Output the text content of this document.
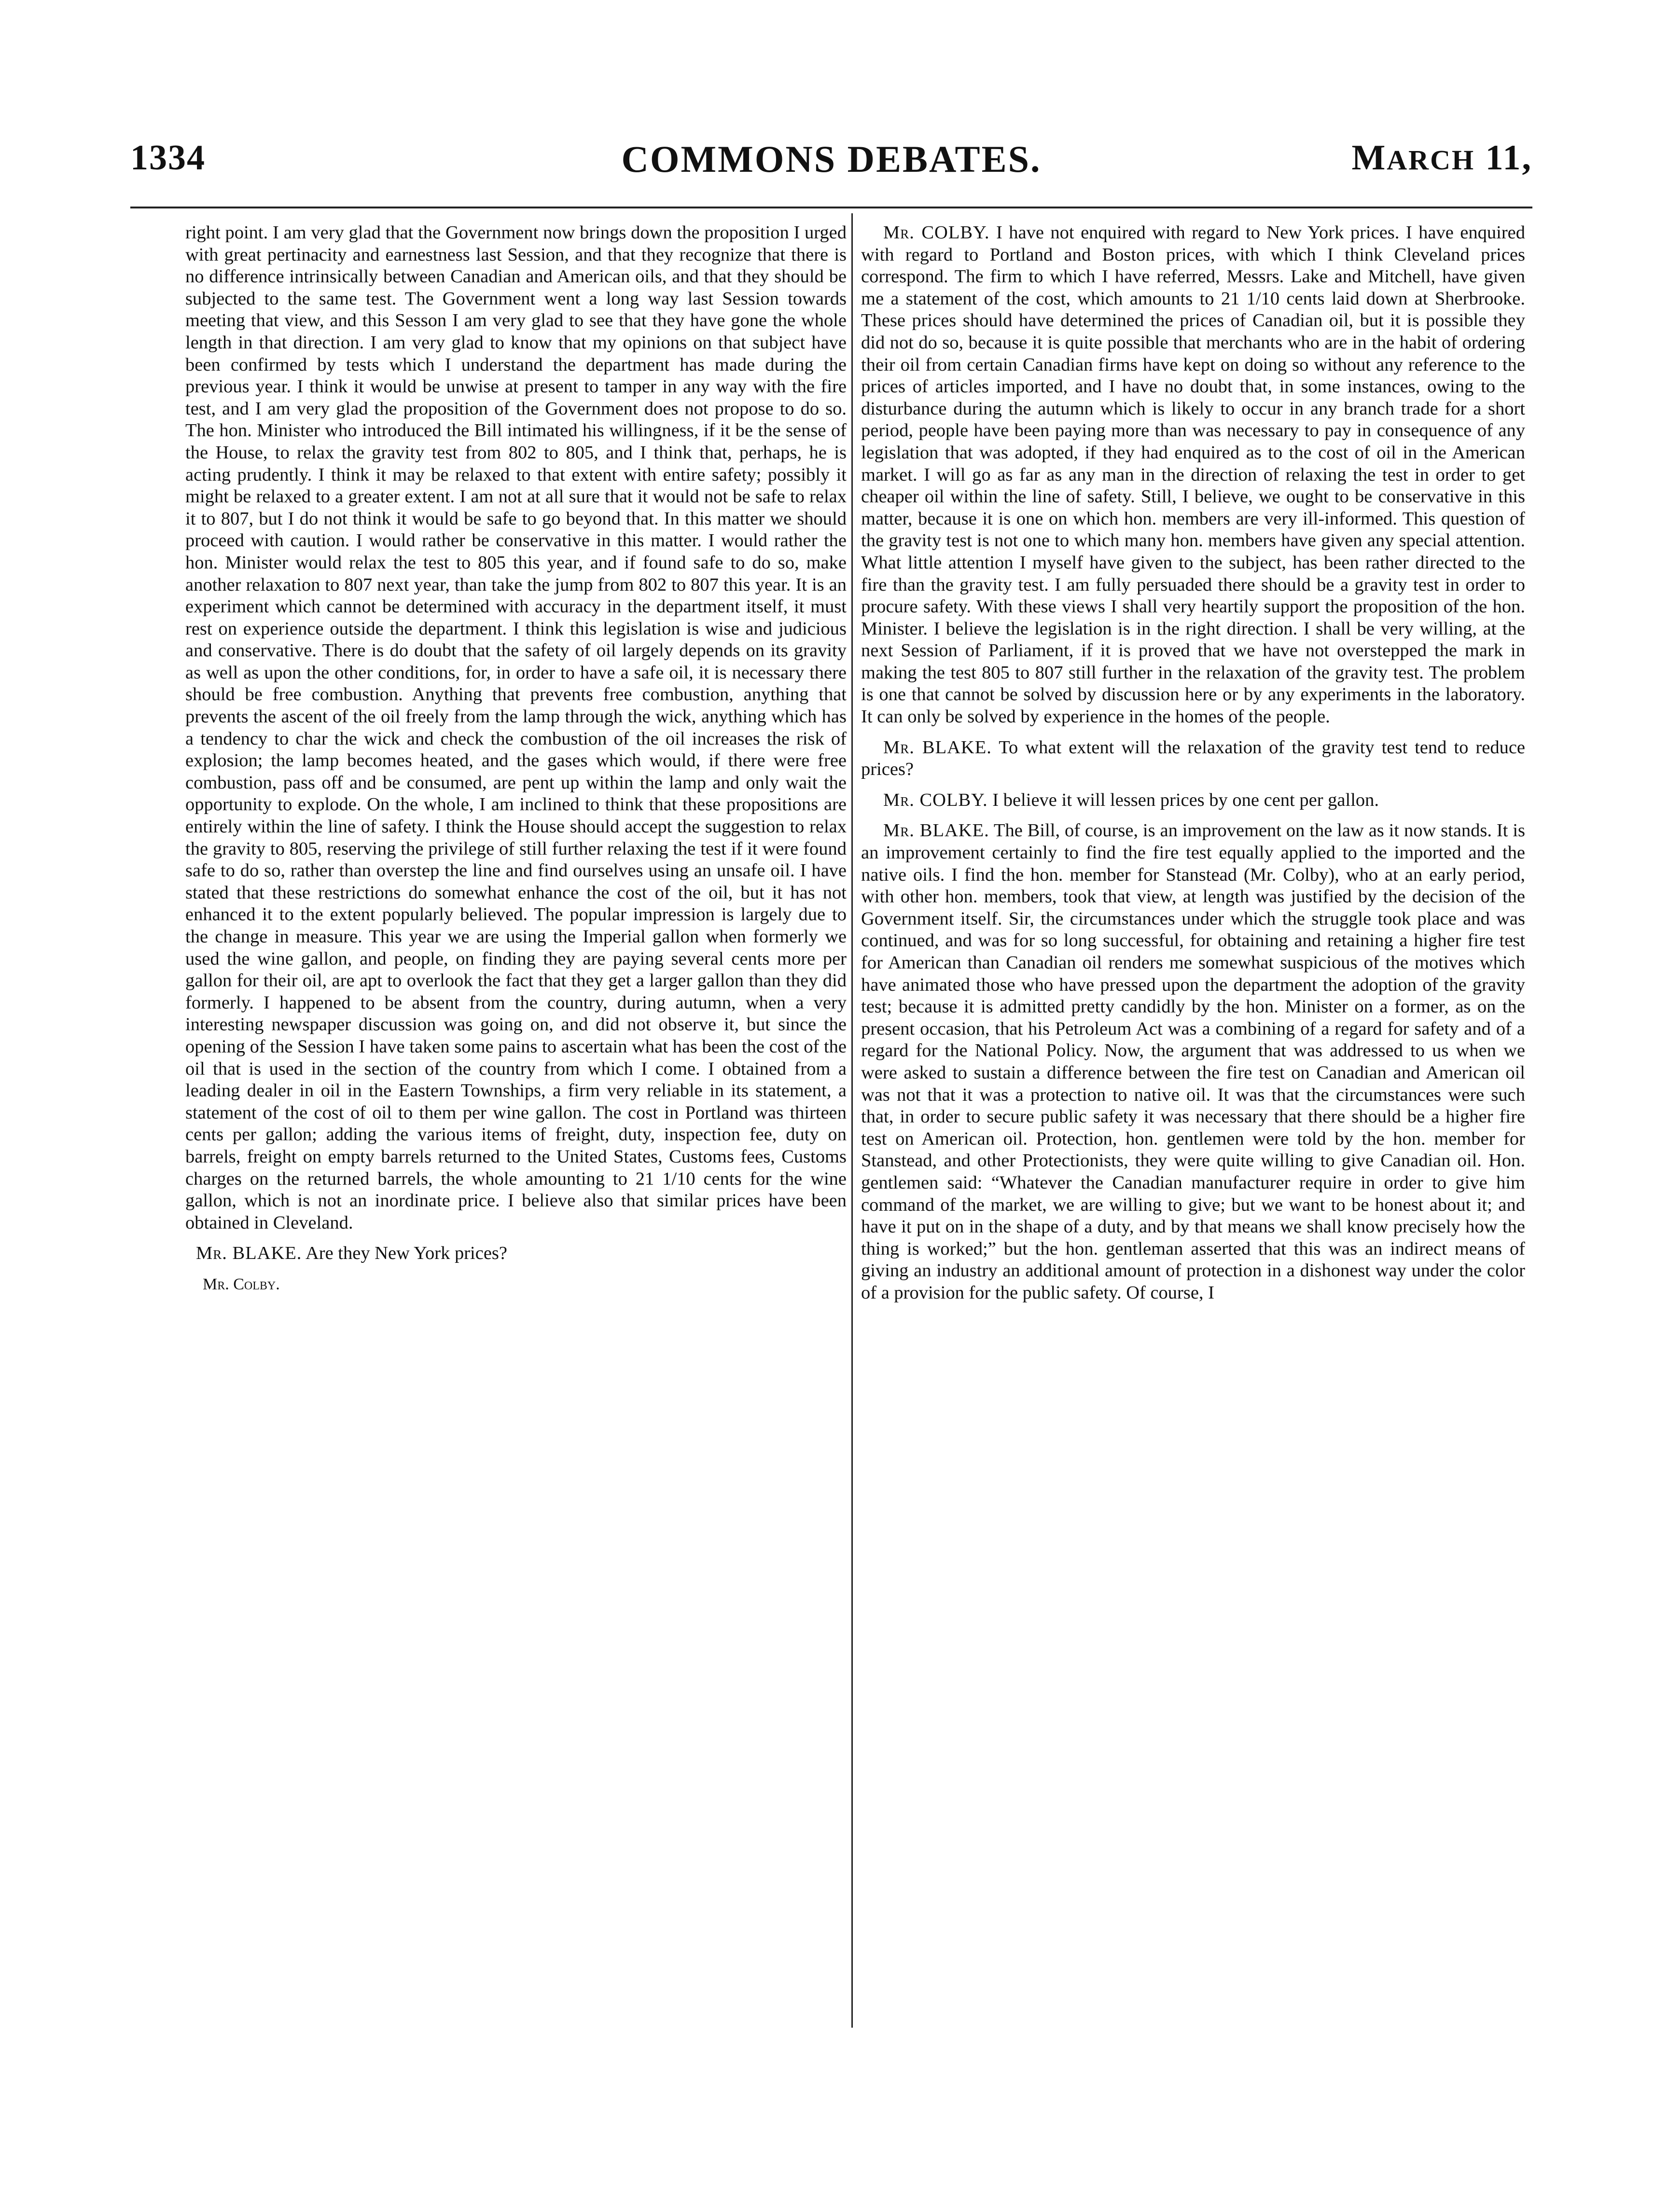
1334	COMMONS DEBATES.	MARCH 11,

right point. I am very glad that the Government now brings down the proposition I urged with great pertinacity and earnestness last Session, and that they recognize that there is no difference intrinsically between Canadian and American oils, and that they should be subjected to the same test. The Government went a long way last Session towards meeting that view, and this Sesson I am very glad to see that they have gone the whole length in that direction. I am very glad to know that my opinions on that subject have been confirmed by tests which I understand the department has made during the previous year. I think it would be unwise at present to tamper in any way with the fire test, and I am very glad the proposition of the Government does not propose to do so. The hon. Minister who introduced the Bill intimated his willingness, if it be the sense of the House, to relax the gravity test from 802 to 805, and I think that, perhaps, he is acting prudently. I think it may be relaxed to that extent with entire safety; possibly it might be relaxed to a greater extent. I am not at all sure that it would not be safe to relax it to 807, but I do not think it would be safe to go beyond that. In this matter we should proceed with caution. I would rather be conservative in this matter. I would rather the hon. Minister would relax the test to 805 this year, and if found safe to do so, make another relaxation to 807 next year, than take the jump from 802 to 807 this year. It is an experiment which cannot be determined with accuracy in the department itself, it must rest on experience outside the department. I think this legislation is wise and judicious and conservative. There is do doubt that the safety of oil largely depends on its gravity as well as upon the other conditions, for, in order to have a safe oil, it is necessary there should be free combustion. Anything that prevents free combustion, anything that prevents the ascent of the oil freely from the lamp through the wick, anything which has a tendency to char the wick and check the combustion of the oil increases the risk of explosion; the lamp becomes heated, and the gases which would, if there were free combustion, pass off and be consumed, are pent up within the lamp and only wait the opportunity to explode. On the whole, I am inclined to think that these propositions are entirely within the line of safety. I think the House should accept the suggestion to relax the gravity to 805, reserving the privilege of still further relaxing the test if it were found safe to do so, rather than overstep the line and find ourselves using an unsafe oil. I have stated that these restrictions do somewhat enhance the cost of the oil, but it has not enhanced it to the extent popularly believed. The popular impression is largely due to the change in measure. This year we are using the Imperial gallon when formerly we used the wine gallon, and people, on finding they are paying several cents more per gallon for their oil, are apt to overlook the fact that they get a larger gallon than they did formerly. I happened to be absent from the country, during autumn, when a very interesting newspaper discussion was going on, and did not observe it, but since the opening of the Session I have taken some pains to ascertain what has been the cost of the oil that is used in the section of the country from which I come. I obtained from a leading dealer in oil in the Eastern Townships, a firm very reliable in its statement, a statement of the cost of oil to them per wine gallon. The cost in Portland was thirteen cents per gallon; adding the various items of freight, duty, inspection fee, duty on barrels, freight on empty barrels returned to the United States, Customs fees, Customs charges on the returned barrels, the whole amounting to 21 1/10 cents for the wine gallon, which is not an inordinate price. I believe also that similar prices have been obtained in Cleveland.

Mr. BLAKE. Are they New York prices?

Mr. Colby.

Mr. COLBY. I have not enquired with regard to New York prices. I have enquired with regard to Portland and Boston prices, with which I think Cleveland prices correspond. The firm to which I have referred, Messrs. Lake and Mitchell, have given me a statement of the cost, which amounts to 21 1/10 cents laid down at Sherbrooke. These prices should have determined the prices of Canadian oil, but it is possible they did not do so, because it is quite possible that merchants who are in the habit of ordering their oil from certain Canadian firms have kept on doing so without any reference to the prices of articles imported, and I have no doubt that, in some instances, owing to the disturbance during the autumn which is likely to occur in any branch trade for a short period, people have been paying more than was necessary to pay in consequence of any legislation that was adopted, if they had enquired as to the cost of oil in the American market. I will go as far as any man in the direction of relaxing the test in order to get cheaper oil within the line of safety. Still, I believe, we ought to be conservative in this matter, because it is one on which hon. members are very ill-informed. This question of the gravity test is not one to which many hon. members have given any special attention. What little attention I myself have given to the subject, has been rather directed to the fire than the gravity test. I am fully persuaded there should be a gravity test in order to procure safety. With these views I shall very heartily support the proposition of the hon. Minister. I believe the legislation is in the right direction. I shall be very willing, at the next Session of Parliament, if it is proved that we have not overstepped the mark in making the test 805 to 807 still further in the relaxation of the gravity test. The problem is one that cannot be solved by discussion here or by any experiments in the laboratory. It can only be solved by experience in the homes of the people.

Mr. BLAKE. To what extent will the relaxation of the gravity test tend to reduce prices?

Mr. COLBY. I believe it will lessen prices by one cent per gallon.

Mr. BLAKE. The Bill, of course, is an improvement on the law as it now stands. It is an improvement certainly to find the fire test equally applied to the imported and the native oils. I find the hon. member for Stanstead (Mr. Colby), who at an early period, with other hon. members, took that view, at length was justified by the decision of the Government itself. Sir, the circumstances under which the struggle took place and was continued, and was for so long successful, for obtaining and retaining a higher fire test for American than Canadian oil renders me somewhat suspicious of the motives which have animated those who have pressed upon the department the adoption of the gravity test; because it is admitted pretty candidly by the hon. Minister on a former, as on the present occasion, that his Petroleum Act was a combining of a regard for safety and of a regard for the National Policy. Now, the argument that was addressed to us when we were asked to sustain a difference between the fire test on Canadian and American oil was not that it was a protection to native oil. It was that the circumstances were such that, in order to secure public safety it was necessary that there should be a higher fire test on American oil. Protection, hon. gentlemen were told by the hon. member for Stanstead, and other Protectionists, they were quite willing to give Canadian oil. Hon. gentlemen said: “Whatever the Canadian manufacturer require in order to give him command of the market, we are willing to give; but we want to be honest about it; and have it put on in the shape of a duty, and by that means we shall know precisely how the thing is worked;” but the hon. gentleman asserted that this was an indirect means of giving an industry an additional amount of protection in a dishonest way under the color of a provision for the public safety. Of course, I
